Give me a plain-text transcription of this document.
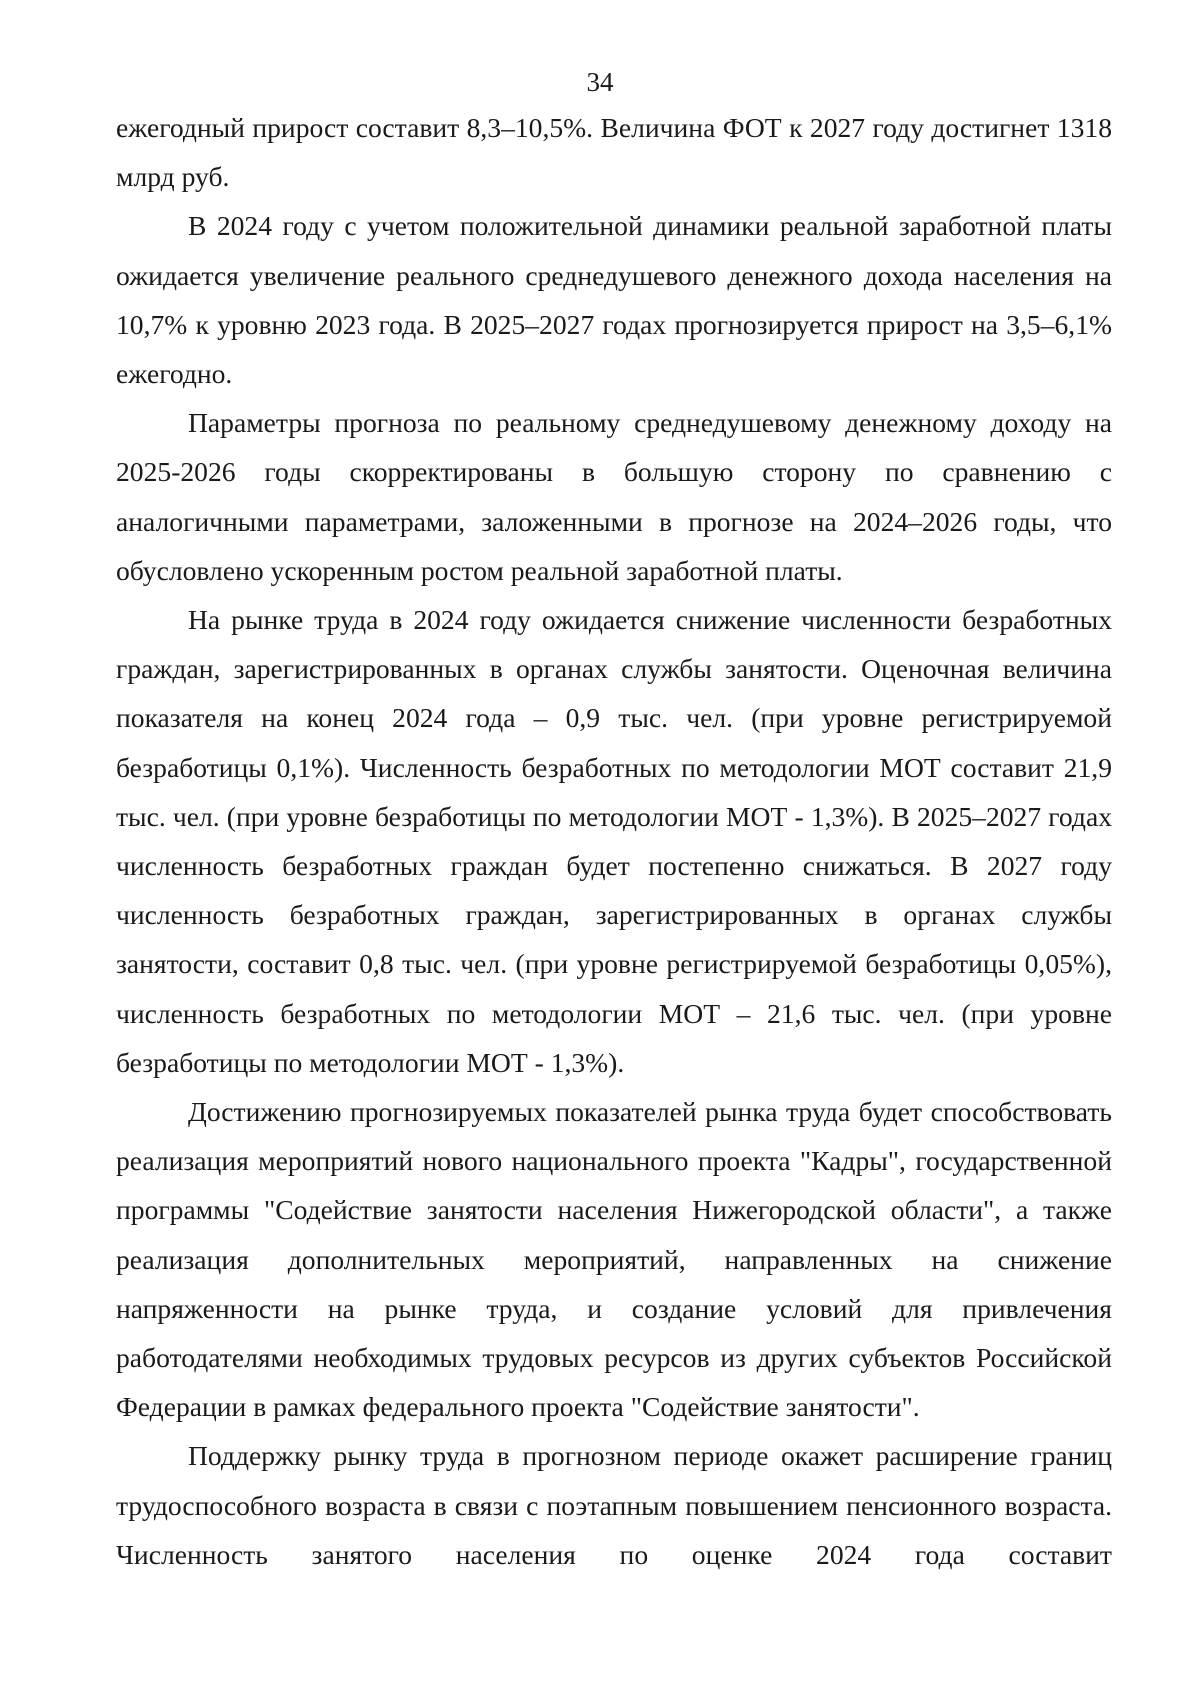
34

ежегодный прирост составит 8,3–10,5%. Величина ФОТ к 2027 году достигнет 1318 млрд руб.

В 2024 году с учетом положительной динамики реальной заработной платы ожидается увеличение реального среднедушевого денежного дохода населения на 10,7% к уровню 2023 года. В 2025–2027 годах прогнозируется прирост на 3,5–6,1% ежегодно.

Параметры прогноза по реальному среднедушевому денежному доходу на 2025-2026 годы скорректированы в большую сторону по сравнению с аналогичными параметрами, заложенными в прогнозе на 2024–2026 годы, что обусловлено ускоренным ростом реальной заработной платы.

На рынке труда в 2024 году ожидается снижение численности безработных граждан, зарегистрированных в органах службы занятости. Оценочная величина показателя на конец 2024 года – 0,9 тыс. чел. (при уровне регистрируемой безработицы 0,1%). Численность безработных по методологии МОТ составит 21,9 тыс. чел. (при уровне безработицы по методологии МОТ - 1,3%). В 2025–2027 годах численность безработных граждан будет постепенно снижаться. В 2027 году численность безработных граждан, зарегистрированных в органах службы занятости, составит 0,8 тыс. чел. (при уровне регистрируемой безработицы 0,05%), численность безработных по методологии МОТ – 21,6 тыс. чел. (при уровне безработицы по методологии МОТ - 1,3%).

Достижению прогнозируемых показателей рынка труда будет способствовать реализация мероприятий нового национального проекта "Кадры", государственной программы "Содействие занятости населения Нижегородской области", а также реализация дополнительных мероприятий, направленных на снижение напряженности на рынке труда, и создание условий для привлечения работодателями необходимых трудовых ресурсов из других субъектов Российской Федерации в рамках федерального проекта "Содействие занятости".

Поддержку рынку труда в прогнозном периоде окажет расширение границ трудоспособного возраста в связи с поэтапным повышением пенсионного возраста. Численность занятого населения по оценке 2024 года составит
